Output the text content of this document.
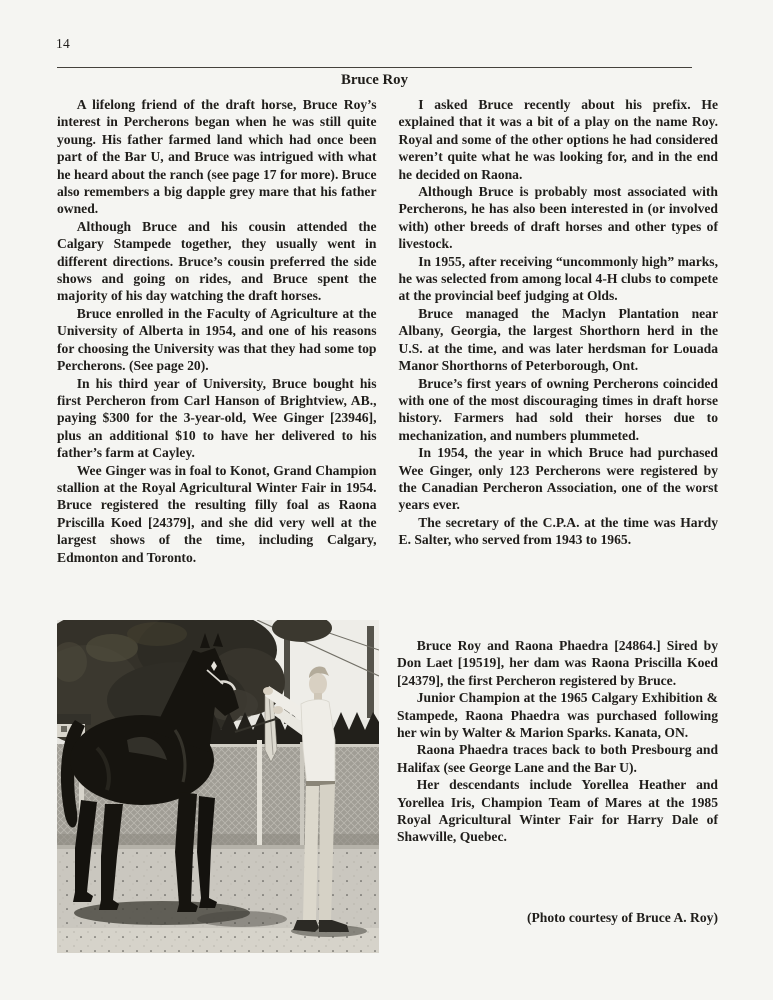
14
Bruce Roy

A lifelong friend of the draft horse, Bruce Roy’s interest in Percherons began when he was still quite young. His father farmed land which had once been part of the Bar U, and Bruce was intrigued with what he heard about the ranch (see page 17 for more). Bruce also remembers a big dapple grey mare that his father owned.

Although Bruce and his cousin attended the Calgary Stampede together, they usually went in different directions. Bruce’s cousin preferred the side shows and going on rides, and Bruce spent the majority of his day watching the draft horses.

Bruce enrolled in the Faculty of Agriculture at the University of Alberta in 1954, and one of his reasons for choosing the University was that they had some top Percherons. (See page 20).

In his third year of University, Bruce bought his first Percheron from Carl Hanson of Brightview, AB., paying $300 for the 3-year-old, Wee Ginger [23946], plus an additional $10 to have her delivered to his father’s farm at Cayley.

Wee Ginger was in foal to Konot, Grand Champion stallion at the Royal Agricultural Winter Fair in 1954. Bruce registered the resulting filly foal as Raona Priscilla Koed [24379], and she did very well at the largest shows of the time, including Calgary, Edmonton and Toronto.

I asked Bruce recently about his prefix. He explained that it was a bit of a play on the name Roy. Royal and some of the other options he had considered weren’t quite what he was looking for, and in the end he decided on Raona.

Although Bruce is probably most associated with Percherons, he has also been interested in (or involved with) other breeds of draft horses and other types of livestock.

In 1955, after receiving “uncommonly high” marks, he was selected from among local 4-H clubs to compete at the provincial beef judging at Olds.

Bruce managed the Maclyn Plantation near Albany, Georgia, the largest Shorthorn herd in the U.S. at the time, and was later herdsman for Louada Manor Shorthorns of Peterborough, Ont.

Bruce’s first years of owning Percherons coincided with one of the most discouraging times in draft horse history. Farmers had sold their horses due to mechanization, and numbers plummeted.

In 1954, the year in which Bruce had purchased Wee Ginger, only 123 Percherons were registered by the Canadian Percheron Association, one of the worst years ever.

The secretary of the C.P.A. at the time was Hardy E. Salter, who served from 1943 to 1965.

Bruce Roy and Raona Phaedra [24864.] Sired by Don Laet [19519], her dam was Raona Priscilla Koed [24379], the first Percheron registered by Bruce.

Junior Champion at the 1965 Calgary Exhibition & Stampede, Raona Phaedra was purchased following her win by Walter & Marion Sparks. Kanata, ON.

Raona Phaedra traces back to both Presbourg and Halifax (see George Lane and the Bar U).

Her descendants include Yorellea Heather and Yorellea Iris, Champion Team of Mares at the 1985 Royal Agricultural Winter Fair for Harry Dale of Shawville, Quebec.

(Photo courtesy of Bruce A. Roy)
